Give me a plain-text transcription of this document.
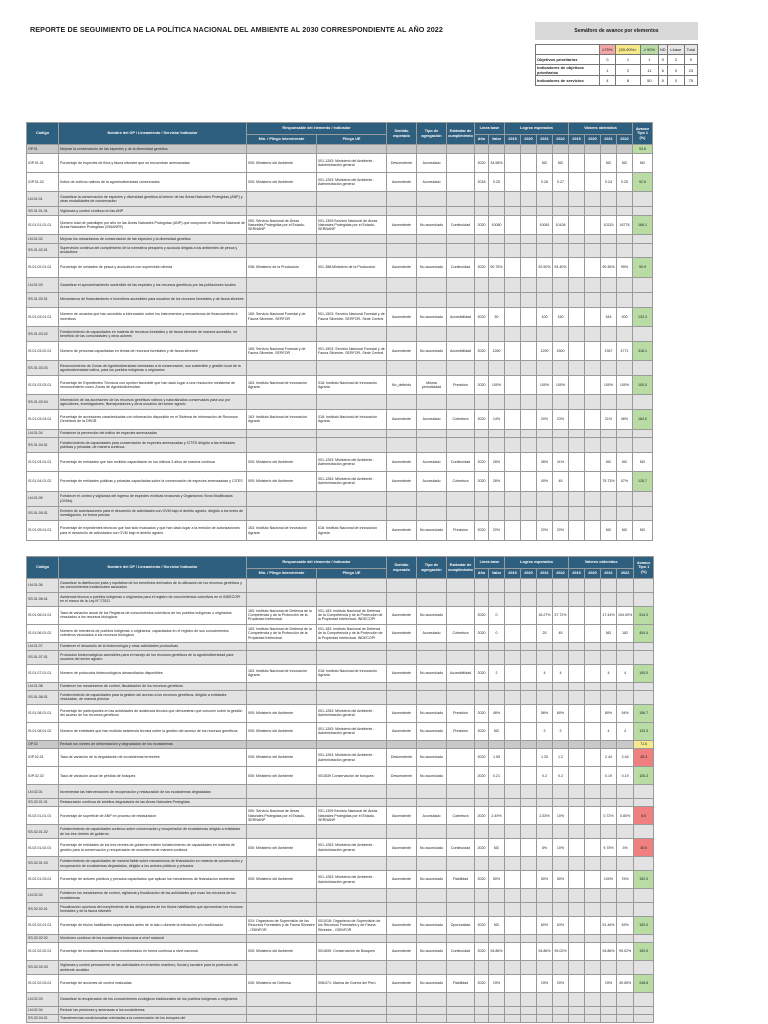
REPORTE DE SEGUIMIENTO DE LA POLÍTICA NACIONAL DEL AMBIENTE AL 2030 CORRESPONDIENTE AL AÑO 2022	Semáforo de avance por elementos
	≥75%	[50-90%>	≥ 90%	ND	Lbase	Total
Objetivos prioritarios	0	1	1	0	2	0
Indicadores de objetivos prioritarios	1	2	11	6	0	23
Indicadores de servicios	4	8	50	5	0	75
Código	Nombre del OP / Lineamiento / Servicio/ Indicador	Responsable del elemento / indicador		Sentido esperado	Tipo de agregación	Estándar de cumplimiento	Línea base		Logros esperados				Valores obtenidos				Avance Tipo 1 (%)
		Min. / Pliego interviniente	Pliego UE				Año	Valor	2019	2020	2021	2022	2019	2020	2021	2022	
OP.01	Mejorar la conservación de las especies y de la diversidad genética																93.6
IOP.01.01	Porcentaje de especies de flora y fauna silvestre que se encuentran amenazadas	005: Ministerio del Ambiente	001-1263: Ministerio del Ambiente - Administración general	Descendente	Acumulado		2020	34.58%			ND	ND			ND	ND	ND
IOP.01.02	Índice de cultivos nativos de la agrobiodiversidad conservados	005: Ministerio del Ambiente	001-1263: Ministerio del Ambiente - Administración general	Ascendente	Acumulado		2018	0.25			0.26	0.27			0.24	0.25	92.6
LN.01.01	Garantizar la conservación de especies y diversidad genética al interior de las Áreas Naturales Protegidas (ANP) y otras modalidades de conservación																
SS.01.01.01	Vigilancia y control continuo en las ANP																
IS.01.01.01.01	Número total de patrullajes por año en las Áreas Naturales Protegidas (ANP) que componen el Sistema Nacional de Áreas Naturales Protegidas (SINANPE)	050: Servicio Nacional de Áreas Naturales Protegidas por el Estado-SERNANP	001-1309:Servicio Nacional de Áreas Naturales Protegidas por el Estado-SERNANP	Ascendente	No acumulado	Continuidad	2020	10080			10081	10108			10315	16778	166.1
LN.01.02	Mejorar los mecanismos de conservación de las especies y la diversidad genética																
SS.01.02.01	Supervisión continua del cumplimiento de la normativa pesquera y acuícola dirigida a los ambientes de pesca y acuicultura																
IS.01.02.01.01	Porcentaje de unidades de pesca y acuicultura con supervisión directa	038: Ministerio de la Producción	001-388:Ministerio de la Producción	Ascendente	No acumulado	Continuidad	2020	90.75%			92.50%	94.40%			90.36%	95%	90.9
LN.01.03	Garantizar el aprovechamiento sostenible de las especies y los recursos genéticos por las poblaciones locales																
SS.01.03.01	Mecanismos de financiamiento e incentivos accesibles para usuarios de los recursos forestales y de fauna silvestre																
IS.01.03.01.01	Número de usuarios que han accedido a información sobre los instrumentos y mecanismos de financiamiento e incentivos	165: Servicio Nacional Forestal y de Fauna Silvestre- SERFOR	001-1503: Servicio Nacional Forestal y de Fauna Silvestre- SERFOR- Sede Central	Ascendente	No acumulado	Accesibilidad	2020	50			100	150			344	200	133.3
SS.01.03.02	Fortalecimiento de capacidades en materia de recursos forestales y de fauna silvestre de manera accesible, en beneficio de las comunidades y otros actores																
IS.01.03.02.01	Número de personas capacitadas en temas de recursos forestales y de fauna silvestre	165: Servicio Nacional Forestal y de Fauna Silvestre- SERFOR	001-1503: Servicio Nacional Forestal y de Fauna Silvestre- SERFOR- Sede Central	Ascendente	No acumulado	Accesibilidad	2020	1260			1290	1500			1357	4771	318.1
SS.01.03.03	Reconocimiento de Zonas de Agrobiodiversidad orientadas a la conservación, uso sostenible y gestión local de la agrobiodiversidad nativa, para los pueblos indígenas u originarios																
IS.01.03.03.01	Porcentaje de Expedientes Técnicos con opinión favorable que han dado lugar a una resolución ministerial de reconocimiento como Zonas de Agrobiodiversidad	163: Instituto Nacional de Innovación Agraria	018: Instituto Nacional de Innovación Agraria	No_definido	Misma periodicidad	Precisión	2020	100%			100%	100%			100%	100%	100.0
SS.01.03.04	Información de las accesiones de los recursos genéticos nativos y naturalizados conservados para uso por agricultores, investigadores, fitomejoradores y otros usuarios del sector agrario																
IS.01.03.04.01	Porcentaje de accesiones caracterizadas con información disponible en el Sistema de Información de Recursos Genéticos de la DRGB	163: Instituto Nacional de Innovación Agraria	018: Instituto Nacional de Innovación Agraria	Ascendente	Acumulado	Cobertura	2020	14%			20%	23%			21%	46%	184.0
LN.01.04	Fortalecer la prevención del tráfico de especies amenazadas																
SS.01.04.01	Fortalecimiento de capacidades para conservación de especies amenazadas y CITES dirigido a las entidades públicas y privadas, de manera continua																
IS.01.04.01.01	Porcentaje de entidades que han recibido capacitación en los últimos 3 años de manera continua	005: Ministerio del Ambiente	001-1263: Ministerio del Ambiente - Administración general	Ascendente	Acumulado	Continuidad	2020	26%			36%	41%			ND	ND	ND
IS.01.04.01.02	Porcentaje de entidades públicas y privadas capacitadas sobre la conservación de especies amenazadas y CITES	005: Ministerio del Ambiente	001-1263: Ministerio del Ambiente - Administración general	Ascendente	Acumulado	Cobertura	2020	26%			40%	45			75.73%	57%	126.7
LN.01.05	Fortalecer el control y vigilancia del ingreso de especies exóticas invasoras y Organismos Vivos Modificados (OVMs)																
SS.01.05.01	Emisión de autorizaciones para el desarrollo de actividades con OVM bajo el ámbito agrario, dirigido a los entes de investigación, en forma precisa																
IS.01.05.01.01	Porcentaje de expedientes técnicos que han sido evaluados y que han dado lugar a la emisión de autorizaciones para el desarrollo de actividades con OVM bajo el ámbito agrario	163: Instituto Nacional de Innovación Agraria	018: Instituto Nacional de Innovación Agraria	Ascendente	No acumulado	Precisión	2020	20%			20%	20%			ND	ND	ND
Código	Nombre del OP / Lineamiento / Servicio/ Indicador	Responsable del elemento / indicador		Sentido esperado	Tipo de agregación	Estándar de cumplimiento	Línea base		Logros esperados				Valores obtenidos				Avance Tipo 1 (%)
		Min. / Pliego interviniente	Pliego UE				Año	Valor	2019	2020	2021	2022	2019	2020	2021	2022	
LN.01.06	Garantizar la distribución justa y equitativa de los beneficios derivados de la utilización de los recursos genéticos y los conocimientos tradicionales asociados																
SS.01.06.01	Asistencia técnica a pueblos indígenas u originarios para el registro de conocimientos colectivos en el INDECOPI en el marco de la Ley N° 27811																
IS.01.06.01.01	Tasa de variación anual de los Registros de conocimientos colectivos de los pueblos indígenas u originarios vinculados a los recursos biológicos	183: Instituto Nacional de Defensa de la Competencia y de la Protección de la Propiedad Intelectual	001-183: Instituto Nacional de Defensa de la Competencia y de la Protección de la Propiedad Intelectual- INDECOPI	Ascendente	No acumulado		2020	0			16.27%	37.72%			17.44%	194.00%	514.3
IS.01.06.01.02	Número de miembros de pueblos indígenas u originarios, capacitados en el registro de sus conocimientos colectivos vinculados a los recursos biológicos	183: Instituto Nacional de Defensa de la Competencia y de la Protección de la Propiedad Intelectual	001-183: Instituto Nacional de Defensa de la Competencia y de la Protección de la Propiedad Intelectual- INDECOPI	Ascendente	Acumulado	Cobertura	2020	0			25	45			ND	182	404.4
LN.01.07	Fortalecer el desarrollo de la biotecnología y otras actividades productivas																
SS.01.07.01	Protocolos biotecnológicos accesibles para el manejo de los recursos genéticos de la agrobiodiversidad para usuarios del sector agrario																
IS.01.07.01.01	Número de protocolos biotecnológicos desarrollados disponibles	163: Instituto Nacional de Innovación Agraria	018: Instituto Nacional de Innovación Agraria	Ascendente	No acumulado	Accesibilidad	2020	2			4	4			4	4	100.0
LN.01.08	Fortalecer los mecanismos de control, fiscalización de los recursos genéticos																
SS.01.08.01	Fortalecimiento de capacidades para la gestión del acceso a los recursos genéticos, dirigido a entidades vinculadas, de manera precisa																
IS.01.08.01.01	Porcentaje de participantes en las actividades de asistencia técnica que demuestran que conocen sobre la gestión del acceso de los recursos genéticos	005: Ministerio del Ambiente	001-1263: Ministerio del Ambiente - Administración general	Ascendente	No acumulado	Precisión	2020	46%			56%	60%			80%	94%	156.7
IS.01.08.01.02	Número de entidades que han recibido asistencia técnica sobre la gestión del acceso de los recursos genéticos	005: Ministerio del Ambiente	001-1263: Ministerio del Ambiente - Administración general	Ascendente	No acumulado	Precisión	2020	ND			3	3			4	4	133.3
OP.02	Reducir los niveles de deforestación y degradación de los ecosistemas																71.6
IOP.02.01	Tasa de variación de la degradación de ecosistemas terrestres	005: Ministerio del Ambiente	001-1263: Ministerio del Ambiente - Administración general	Descendente	No acumulado		2020	1.55			1.25	1.2			2.44	2.44	45.3
IOP.02.02	Tasa de variación anual de pérdida de bosques	005: Ministerio del Ambiente	001/839 Conservación de bosques	Descendente	No acumulado		2020	0.21			0.2	0.2			0.19	0.19	105.3
LN.02.01	Incrementar las intervenciones de recuperación y restauración de los ecosistemas degradados																
SS.02.01.01	Restauración continua de ámbitos degradados de las Áreas Naturales Protegidas																
IS.02.01.01.01	Porcentaje de superficie de ANP en proceso de restauración	050: Servicio Nacional de Áreas Naturales Protegidas por el Estado-SERNANP	001-1309:Servicio Nacional de Áreas Naturales Protegidas por el Estado-SERNANP	Ascendente	Acumulado	Cobertura	2020	2.49%			2.53%	10%			0.72%	0.80%	8.0
SS.02.01.02	Fortalecimiento de capacidades continuo sobre conservación y recuperación de ecosistemas dirigido a entidades de los tres niveles de gobierno																
IS.02.01.02.01	Porcentaje de entidades de los tres niveles de gobierno reciben fortalecimiento de capacidades en materia de gestión para la conservación y recuperación de ecosistema de manera continua	005: Ministerio del Ambiente	001-1263: Ministerio del Ambiente - Administración general	Ascendente	No acumulado	Continuidad	2020	ND			5%	10%			9.75%	3%	30.0
SS.02.01.03	Fortalecimiento de capacidades de manera fiable sobre mecanismos de financiación en materia de conservación y recuperación de ecosistemas degradados, dirigido a los actores públicos y privados																
IS.02.01.03.01	Porcentaje de actores públicos y privados capacitados que aplican los mecanismos de financiación ambiental	005: Ministerio del Ambiente	001-1263: Ministerio del Ambiente - Administración general	Ascendente	No acumulado	Fiabilidad	2020	50%			50%	50%			100%	76%	152.0
LN.02.02	Fortalecer los mecanismos de control, vigilancia y fiscalización de las actividades que usan los recursos de los ecosistemas																
SS.02.02.01	Fiscalización oportuna del cumplimiento de las obligaciones de los títulos habilitantes que aprovechan los recursos forestales y de la fauna silvestre																
IS.02.02.01.01	Porcentaje de títulos habilitantes supervisados antes de la tala o durante la extracción y/o movilización	024: Organismo de Supervisión de los Recursos Forestales y de Fauna Silvestre - OSINFOR	001/018: Organismo de Supervisión de los Recursos Forestales y de Fauna Silvestre - OSINFOR	Ascendente	No acumulado	Oportunidad	2020	ND			60%	63%			51.46%	63%	100.0
SS.02.02.02	Monitoreo continuo de los ecosistemas boscosos a nivel nacional																
IS.02.02.02.01	Porcentaje de ecosistemas boscosos monitoreados en forma continua a nivel nacional	005: Ministerio del Ambiente	001/839: Conservación de Bosques	Ascendente	No acumulado	Continuidad	2020	94.86%			94.86%	99.02%			94.86%	99.02%	100.0
SS.02.02.03	Vigilancia y control permanente de las actividades en el ámbito marítimo, fluvial y lacustre para la protección del ambiente acuático																
IS.02.02.03.01	Porcentaje de acciones de control realizadas	026: Ministerio de Defensa	006/471: Marina de Guerra del Perú	Ascendente	No acumulado	Fiabilidad	2020	15%			15%	20%			15%	49.55%	248.8
LN.02.03	Garantizar la recuperación de los conocimientos ecológicos tradicionales de los pueblos indígenas u originarios																
LN.02.04	Reducir las presiones y amenazas a los ecosistemas																
SS.02.04.01	Transferencias condicionadas orientadas a la conservación de los bosques del																
